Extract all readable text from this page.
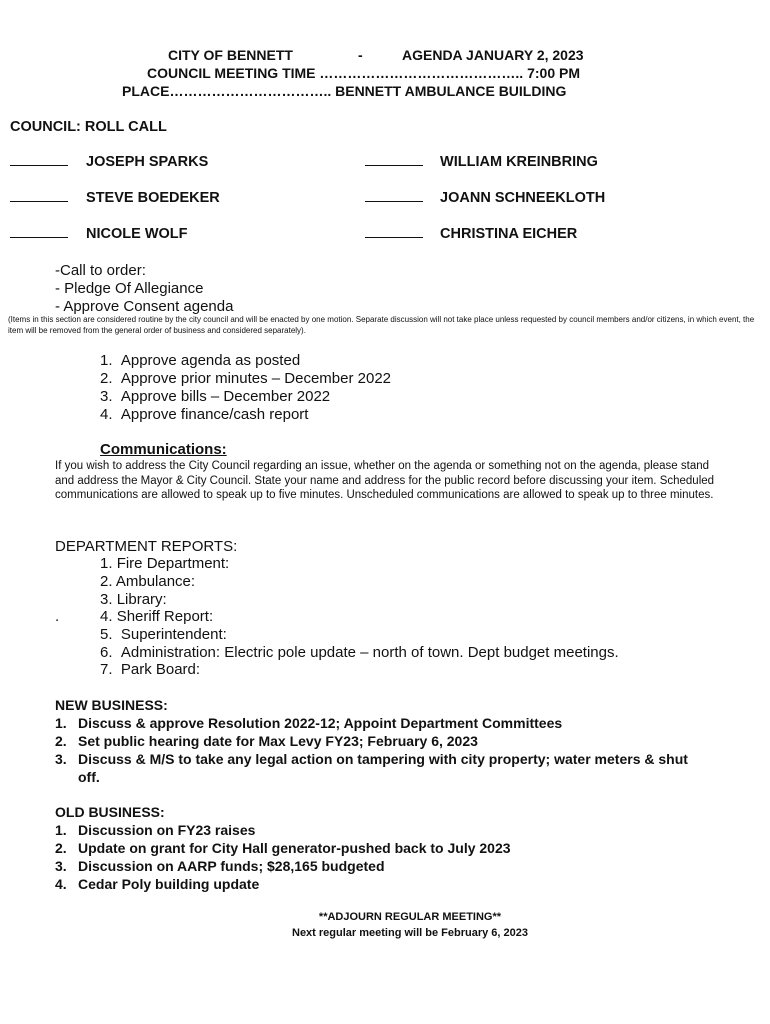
CITY OF BENNETT	-	AGENDA JANUARY 2, 2023
COUNCIL MEETING TIME …………………………………….. 7:00 PM
PLACE…………………………….. BENNETT AMBULANCE BUILDING
COUNCIL: ROLL CALL
JOSEPH SPARKS	WILLIAM KREINBRING
STEVE BOEDEKER	JOANN SCHNEEKLOTH
NICOLE WOLF	CHRISTINA EICHER
-Call to order:
- Pledge Of Allegiance
- Approve Consent agenda
(Items in this section are considered routine by the city council and will be enacted by one motion. Separate discussion will not take place unless requested by council members and/or citizens, in which event, the item will be removed from the general order of business and considered separately).
1.  Approve agenda as posted
2.  Approve prior minutes – December 2022
3.  Approve bills – December 2022
4.  Approve finance/cash report
Communications:
If you wish to address the City Council regarding an issue, whether on the agenda or something not on the agenda, please stand and address the Mayor & City Council. State your name and address for the public record before discussing your item. Scheduled communications are allowed to speak up to five minutes. Unscheduled communications are allowed to speak up to three minutes.
DEPARTMENT REPORTS:
.
1. Fire Department:
2. Ambulance:
3. Library:
4. Sheriff Report:
5.  Superintendent:
6.  Administration: Electric pole update – north of town. Dept budget meetings.
7.  Park Board:
NEW BUSINESS:
1. Discuss & approve Resolution 2022-12; Appoint Department Committees
2. Set public hearing date for Max Levy FY23; February 6, 2023
3. Discuss & M/S to take any legal action on tampering with city property; water meters & shut
off.
OLD BUSINESS:
1. Discussion on FY23 raises
2. Update on grant for City Hall generator-pushed back to July 2023
3. Discussion on AARP funds; $28,165 budgeted
4. Cedar Poly building update
**ADJOURN REGULAR MEETING**
Next regular meeting will be February 6, 2023
